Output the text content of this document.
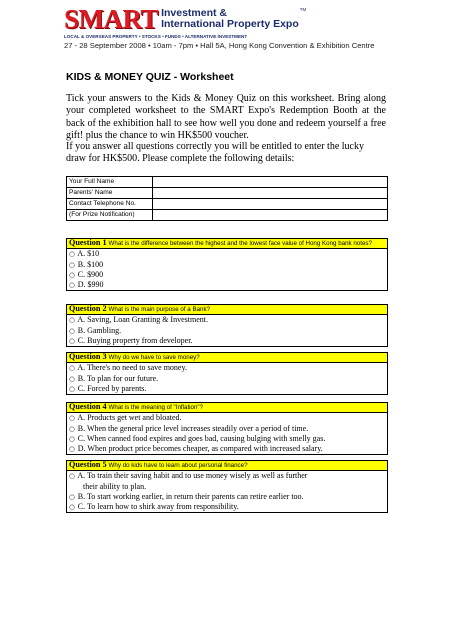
SMART Investment &
International Property Expo
TM
LOCAL & OVERSEAS PROPERTY • STOCKS • FUNDS • ALTERNATIVE INVESTMENT
27 - 28 September 2008 • 10am - 7pm • Hall 5A, Hong Kong Convention & Exhibition Centre
KIDS & MONEY QUIZ - Worksheet
Tick your answers to the Kids & Money Quiz on this worksheet. Bring along your completed worksheet to the SMART Expo's Redemption Booth at the back of the exhibition hall to see how well you done and redeem yourself a free gift! plus the chance to win HK$500 voucher.
If you answer all questions correctly you will be entitled to enter the lucky draw for HK$500. Please complete the following details:
Your Full Name	
Parents' Name	
Contact Telephone No.	
(For Prize Notification)	
Question 1 What is the difference between the highest and the lowest face value of Hong Kong bank notes?
○ A. $10
○ B. $100
○ C. $900
○ D. $990
Question 2 What is the main purpose of a Bank?
○ A. Saving, Loan Granting & Investment.
○ B. Gambling.
○ C. Buying property from developer.
Question 3 Why do we have to save money?
○ A. There's no need to save money.
○ B. To plan for our future.
○ C. Forced by parents.
Question 4 What is the meaning of "Inflation"?
○ A. Products get wet and bloated.
○ B. When the general price level increases steadily over a period of time.
○ C. When canned food expires and goes bad, causing bulging with smelly gas.
○ D. When product price becomes cheaper, as compared with increased salary.
Question 5 Why do kids have to learn about personal finance?
○ A. To train their saving habit and to use money wisely as well as further
their ability to plan.
○ B. To start working earlier, in return their parents can retire earlier too.
○ C. To learn how to shirk away from responsibility.
